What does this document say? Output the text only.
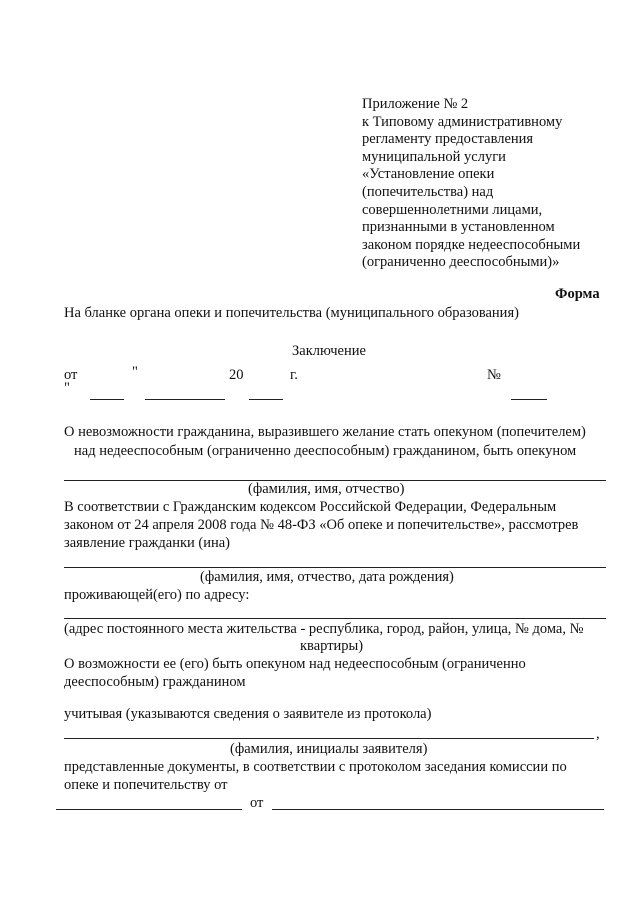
Приложение № 2
к Типовому административному
регламенту предоставления
муниципальной услуги
«Установление опеки
(попечительства) над
совершеннолетними лицами,
признанными в установленном
законом порядке недееспособными
(ограниченно дееспособными)»
Форма
На бланке органа опеки и попечительства (муниципального образования)
Заключение
от	"
"
20	г.	№
О невозможности гражданина, выразившего желание стать опекуном (попечителем)
над недееспособным (ограниченно дееспособным) гражданином, быть опекуном
(фамилия, имя, отчество)
В соответствии с Гражданским кодексом Российской Федерации, Федеральным
законом от 24 апреля 2008 года № 48-ФЗ «Об опеке и попечительстве», рассмотрев
заявление гражданки (ина)
(фамилия, имя, отчество, дата рождения)
проживающей(его) по адресу:
(адрес постоянного места жительства - республика, город, район, улица, № дома, №
квартиры)
О возможности ее (его) быть опекуном над недееспособным (ограниченно
дееспособным) гражданином
учитывая (указываются сведения о заявителе из протокола)
,
(фамилия, инициалы заявителя)
представленные документы, в соответствии с протоколом заседания комиссии по
опеке и попечительству от
от
